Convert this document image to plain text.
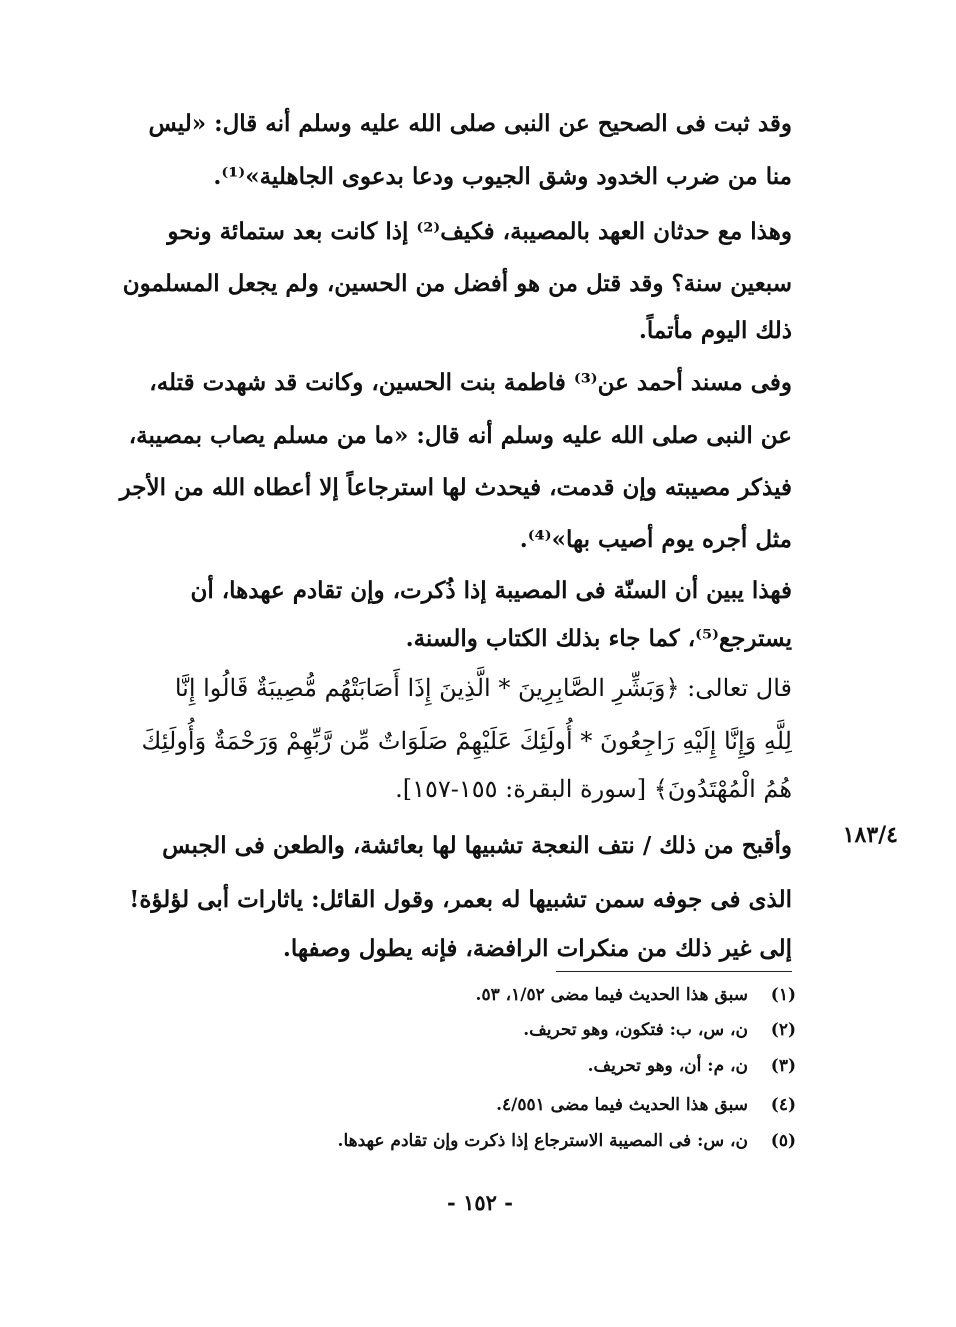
وقد ثبت فى الصحيح عن النبى صلى الله عليه وسلم أنه قال: «ليس
منا من ضرب الخدود وشق الجيوب ودعا بدعوى الجاهلية»⁽¹⁾.
وهذا مع حدثان العهد بالمصيبة، فكيف⁽²⁾ إذا كانت بعد ستمائة ونحو
سبعين سنة؟ وقد قتل من هو أفضل من الحسين، ولم يجعل المسلمون
ذلك اليوم مأتماً.
وفى مسند أحمد عن⁽³⁾ فاطمة بنت الحسين، وكانت قد شهدت قتله،
عن النبى صلى الله عليه وسلم أنه قال: «ما من مسلم يصاب بمصيبة،
فيذكر مصيبته وإن قدمت، فيحدث لها استرجاعاً إلا أعطاه الله من الأجر
مثل أجره يوم أصيب بها»⁽⁴⁾.
فهذا يبين أن السنّة فى المصيبة إذا ذُكرت، وإن تقادم عهدها، أن
يسترجع⁽⁵⁾، كما جاء بذلك الكتاب والسنة.
قال تعالى: ﴿وَبَشِّرِ الصَّابِرِينَ * الَّذِينَ إِذَا أَصَابَتْهُم مُّصِيبَةٌ قَالُوا إِنَّا
لِلَّهِ وَإِنَّا إِلَيْهِ رَاجِعُونَ * أُولَئِكَ عَلَيْهِمْ صَلَوَاتٌ مِّن رَّبِّهِمْ وَرَحْمَةٌ وَأُولَئِكَ
هُمُ الْمُهْتَدُونَ﴾ [سورة البقرة: ١٥٥-١٥٧].
وأقبح من ذلك / نتف النعجة تشبيها لها بعائشة، والطعن فى الجبس
الذى فى جوفه سمن تشبيها له بعمر، وقول القائل: ياثارات أبى لؤلؤة!
إلى غير ذلك من منكرات الرافضة، فإنه يطول وصفها.
١٨٣/٤
(١)سبق هذا الحديث فيما مضى ١/٥٢، ٥٣.
(٢)ن، س، ب: فتكون، وهو تحريف.
(٣)ن، م: أن، وهو تحريف.
(٤)سبق هذا الحديث فيما مضى ٤/٥٥١.
(٥)ن، س: فى المصيبة الاسترجاع إذا ذكرت وإن تقادم عهدها.
- ١٥٢ -
